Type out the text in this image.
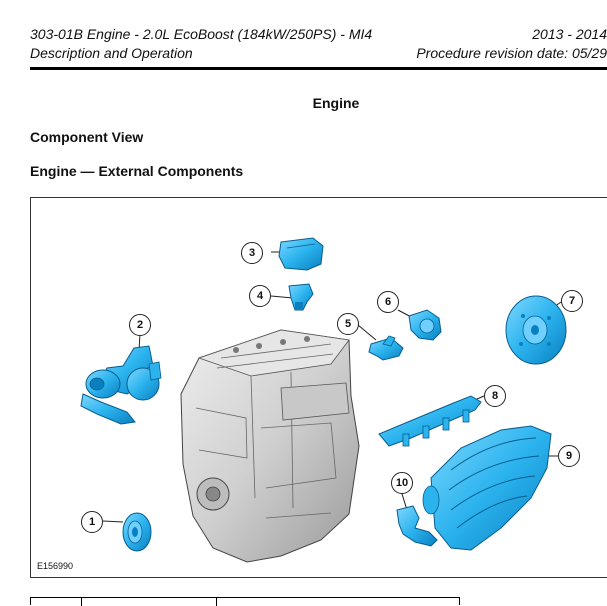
303-01B Engine - 2.0L EcoBoost (184kW/250PS) - MI4
Description and Operation
2013 - 2014
Procedure revision date: 05/29
Engine
Component View
Engine — External Components
1
2
3
4
5
6	7
8
9
10
E156990
